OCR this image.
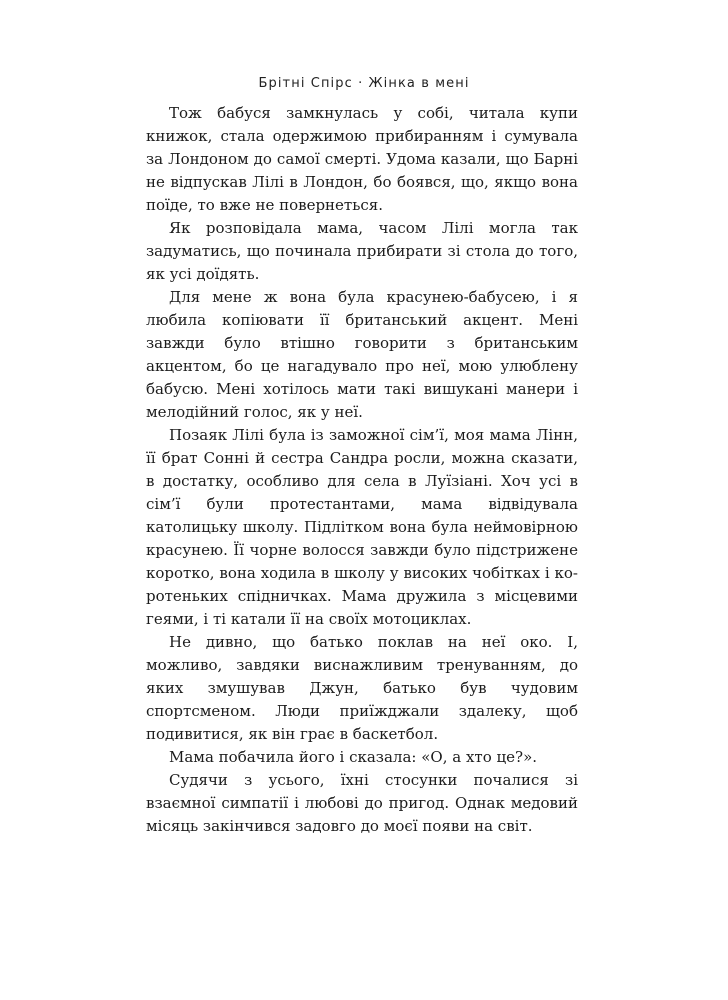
Брітні Спірс · Жінка в мені

Тож бабуся замкнулась у собі, читала купи книжок, стала одержимою прибиранням і сумувала за Лондоном до самої смерті. Удома казали, що Барні не відпускав Лілі в Лондон, бо боявся, що, якщо вона поїде, то вже не повернеться.

Як розповідала мама, часом Лілі могла так задуматись, що починала прибирати зі стола до того, як усі доїдять.

Для мене ж вона була красунею-бабусею, і я любила копіювати її британський акцент. Мені завжди було втішно говорити з британським акцентом, бо це нагадувало про неї, мою улюблену бабусю. Мені хотілось мати такі вишукані манери і мелодійний голос, як у неї.

Позаяк Лілі була із заможної сім’ї, моя мама Лінн, її брат Сонні й сестра Сандра росли, можна сказати, в достатку, особливо для села в Луїзіані. Хоч усі в сім’ї були протестантами, мама відвідувала католицьку школу. Підлітком вона була неймовірною красунею. Її чорне волосся завжди було підстрижене коротко, вона ходила в школу у високих чобітках і коротеньких спідничках. Мама дружила з місцевими геями, і ті катали її на своїх мотоциклах.

Не дивно, що батько поклав на неї око. І, можливо, завдяки виснажливим тренуванням, до яких змушував Джун, батько був чудовим спортсменом. Люди приїжджали здалеку, щоб подивитися, як він грає в баскетбол.

Мама побачила його і сказала: «О, а хто це?».

Судячи з усього, їхні стосунки почалися зі взаємної симпатії і любові до пригод. Однак медовий місяць закінчився задовго до моєї появи на світ.
